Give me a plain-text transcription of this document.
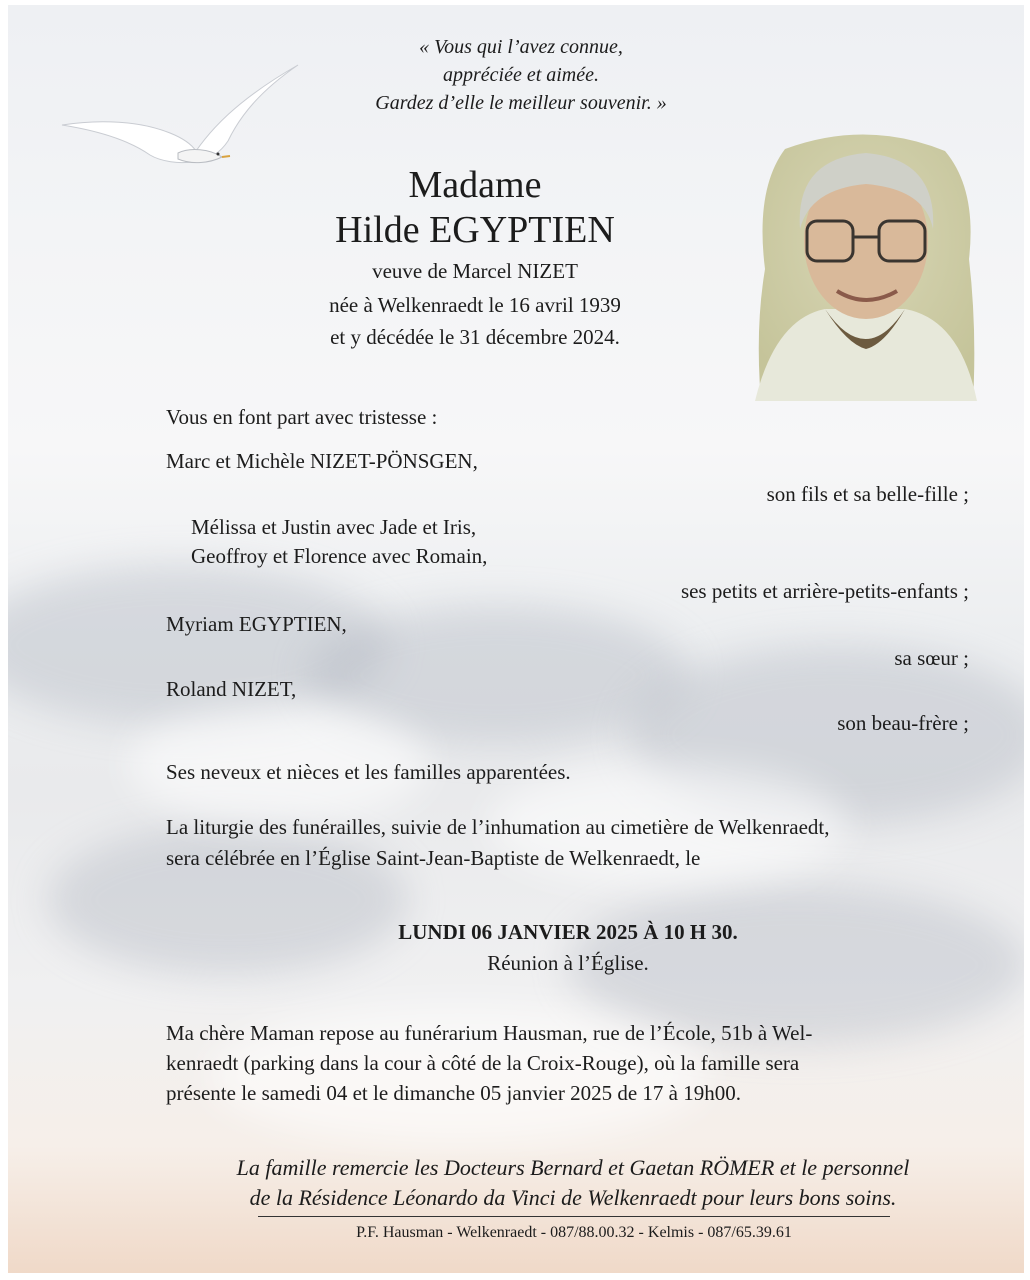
« Vous qui l’avez connue,
appréciée et aimée.
Gardez d’elle le meilleur souvenir. »
Madame
Hilde EGYPTIEN
veuve de Marcel NIZET
née à Welkenraedt le 16 avril 1939
et y décédée le 31 décembre 2024.
Vous en font part avec tristesse :
Marc et Michèle NIZET-PÖNSGEN,
son fils et sa belle-fille ;
Mélissa et Justin avec Jade et Iris,
Geoffroy et Florence avec Romain,
ses petits et arrière-petits-enfants ;
Myriam EGYPTIEN,
sa sœur ;
Roland NIZET,
son beau-frère ;
Ses neveux et nièces et les familles apparentées.
La liturgie des funérailles, suivie de l’inhumation au cimetière de Welkenraedt,
sera célébrée en l’Église Saint-Jean-Baptiste de Welkenraedt, le
LUNDI 06 JANVIER 2025 À 10 H 30.
Réunion à l’Église.
Ma chère Maman repose au funérarium Hausman, rue de l’École, 51b à Wel-
kenraedt (parking dans la cour à côté de la Croix-Rouge), où la famille sera
présente le samedi 04 et le dimanche 05 janvier 2025 de 17 à 19h00.
La famille remercie les Docteurs Bernard et Gaetan RÖMER et le personnel
de la Résidence Léonardo da Vinci de Welkenraedt pour leurs bons soins.
P.F. Hausman - Welkenraedt - 087/88.00.32 - Kelmis - 087/65.39.61
